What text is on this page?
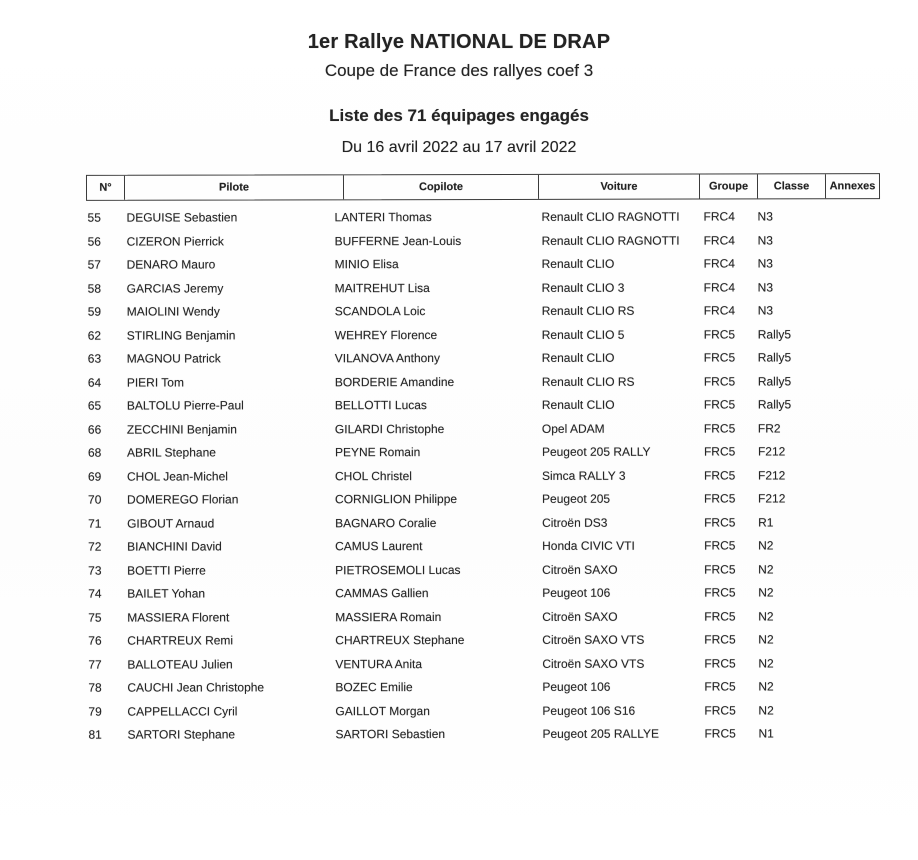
1er Rallye NATIONAL DE DRAP
Coupe de France des rallyes coef 3
Liste des 71 équipages engagés
Du 16 avril 2022 au 17 avril 2022
N°	Pilote	Copilote	Voiture	Groupe	Classe	Annexes
55 DEGUISE Sebastien	LANTERI Thomas	Renault CLIO RAGNOTTI FRC4 N3
56 CIZERON Pierrick	BUFFERNE Jean-Louis	Renault CLIO RAGNOTTI FRC4 N3
57 DENARO Mauro	MINIO Elisa	Renault CLIO	FRC4 N3
58 GARCIAS Jeremy	MAITREHUT Lisa	Renault CLIO 3	FRC4 N3
59 MAIOLINI Wendy	SCANDOLA Loic	Renault CLIO RS	FRC4 N3
62 STIRLING Benjamin	WEHREY Florence	Renault CLIO 5	FRC5 Rally5
63 MAGNOU Patrick	VILANOVA Anthony	Renault CLIO	FRC5 Rally5
64 PIERI Tom	BORDERIE Amandine	Renault CLIO RS	FRC5 Rally5
65 BALTOLU Pierre-Paul	BELLOTTI Lucas	Renault CLIO	FRC5 Rally5
66 ZECCHINI Benjamin	GILARDI Christophe	Opel ADAM	FRC5 FR2
68 ABRIL Stephane	PEYNE Romain	Peugeot 205 RALLY	FRC5 F212
69 CHOL Jean-Michel	CHOL Christel	Simca RALLY 3	FRC5 F212
70 DOMEREGO Florian	CORNIGLION Philippe	Peugeot 205	FRC5 F212
71 GIBOUT Arnaud	BAGNARO Coralie	Citroën DS3	FRC5 R1
72 BIANCHINI David	CAMUS Laurent	Honda CIVIC VTI	FRC5 N2
73 BOETTI Pierre	PIETROSEMOLI Lucas	Citroën SAXO	FRC5 N2
74 BAILET Yohan	CAMMAS Gallien	Peugeot 106	FRC5 N2
75 MASSIERA Florent	MASSIERA Romain	Citroën SAXO	FRC5 N2
76 CHARTREUX Remi	CHARTREUX Stephane	Citroën SAXO VTS	FRC5 N2
77 BALLOTEAU Julien	VENTURA Anita	Citroën SAXO VTS	FRC5 N2
78 CAUCHI Jean Christophe	BOZEC Emilie	Peugeot 106	FRC5 N2
79 CAPPELLACCI Cyril	GAILLOT Morgan	Peugeot 106 S16	FRC5 N2
81 SARTORI Stephane	SARTORI Sebastien	Peugeot 205 RALLYE	FRC5 N1
